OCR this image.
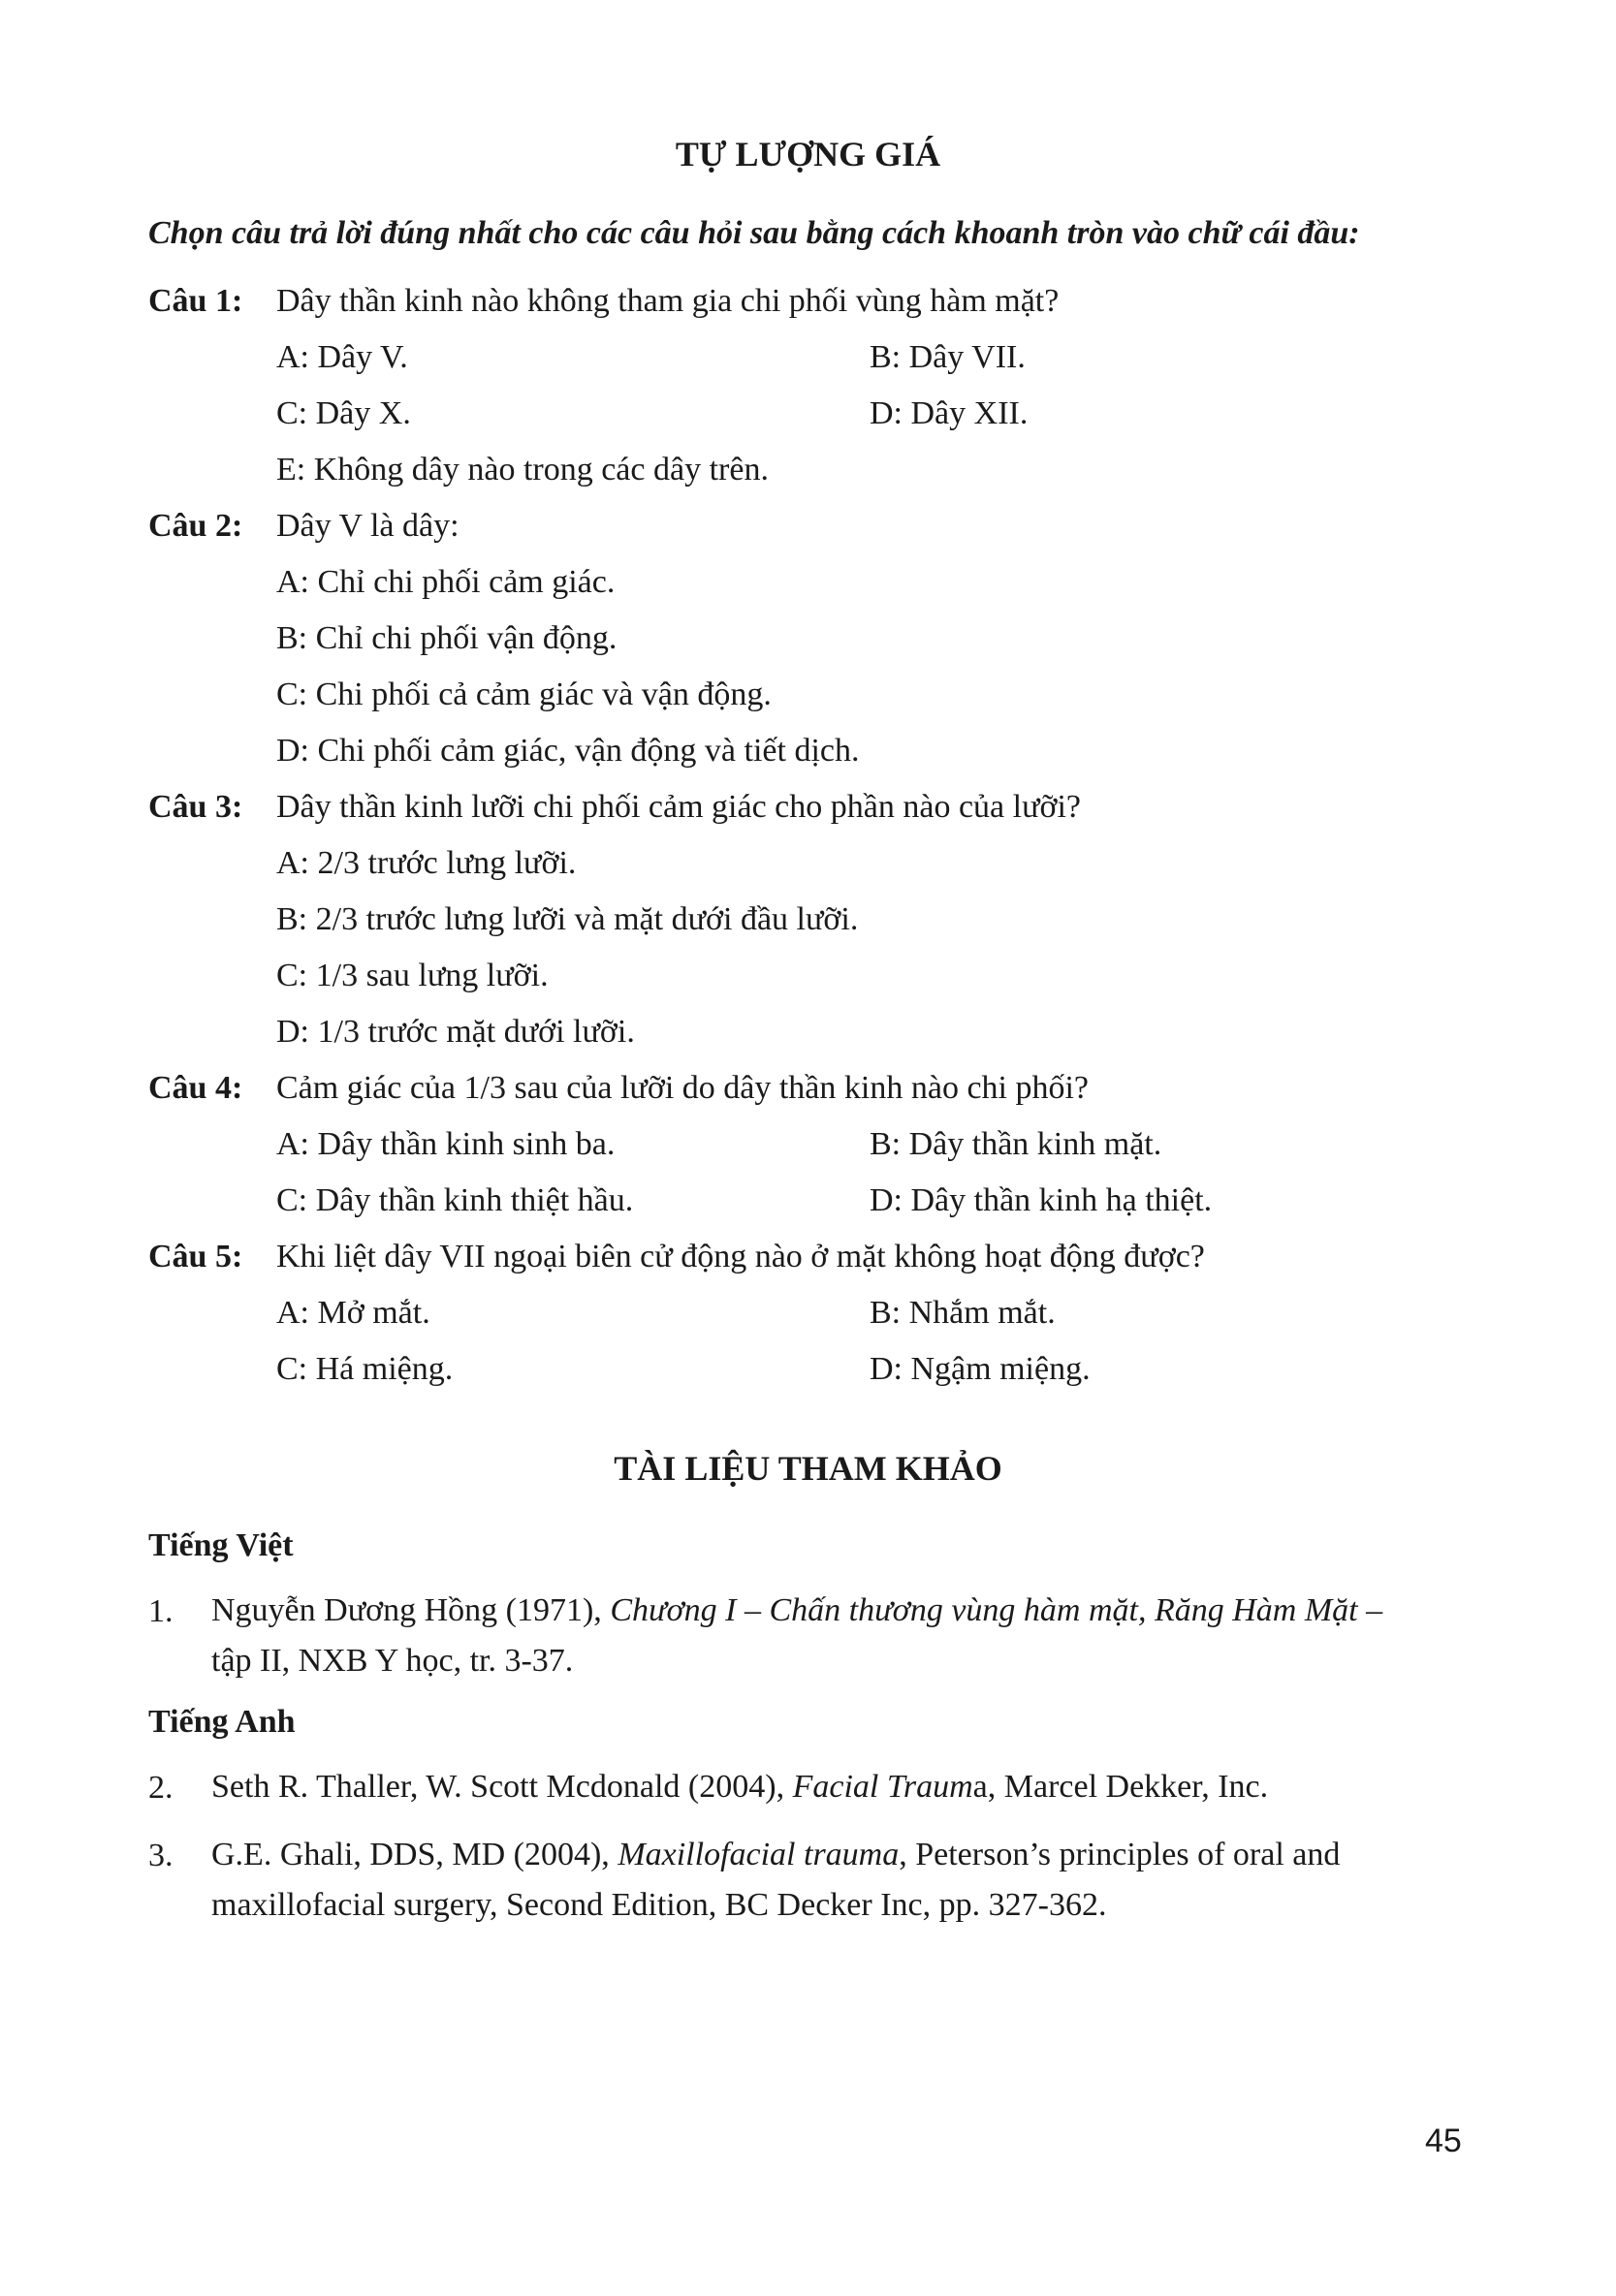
TỰ LƯỢNG GIÁ
Chọn câu trả lời đúng nhất cho các câu hỏi sau bằng cách khoanh tròn vào chữ cái đầu:
Câu 1: Dây thần kinh nào không tham gia chi phối vùng hàm mặt?
A: Dây V.	B: Dây VII.
C: Dây X.	D: Dây XII.
E: Không dây nào trong các dây trên.
Câu 2: Dây V là dây:
A: Chỉ chi phối cảm giác.
B: Chỉ chi phối vận động.
C: Chi phối cả cảm giác và vận động.
D: Chi phối cảm giác, vận động và tiết dịch.
Câu 3: Dây thần kinh lưỡi chi phối cảm giác cho phần nào của lưỡi?
A: 2/3 trước lưng lưỡi.
B: 2/3 trước lưng lưỡi và mặt dưới đầu lưỡi.
C: 1/3 sau lưng lưỡi.
D: 1/3 trước mặt dưới lưỡi.
Câu 4: Cảm giác của 1/3 sau của lưỡi do dây thần kinh nào chi phối?
A: Dây thần kinh sinh ba.	B: Dây thần kinh mặt.
C: Dây thần kinh thiệt hầu.	D: Dây thần kinh hạ thiệt.
Câu 5: Khi liệt dây VII ngoại biên cử động nào ở mặt không hoạt động được?
A: Mở mắt.	B: Nhắm mắt.
C: Há miệng.	D: Ngậm miệng.
TÀI LIỆU THAM KHẢO
Tiếng Việt
1. Nguyễn Dương Hồng (1971), Chương I – Chấn thương vùng hàm mặt, Răng Hàm Mặt –
tập II, NXB Y học, tr. 3-37.
Tiếng Anh
2. Seth R. Thaller, W. Scott Mcdonald (2004), Facial Trauma, Marcel Dekker, Inc.
3. G.E. Ghali, DDS, MD (2004), Maxillofacial trauma, Peterson’s principles of oral and maxillofacial surgery, Second Edition, BC Decker Inc, pp. 327-362.
45
